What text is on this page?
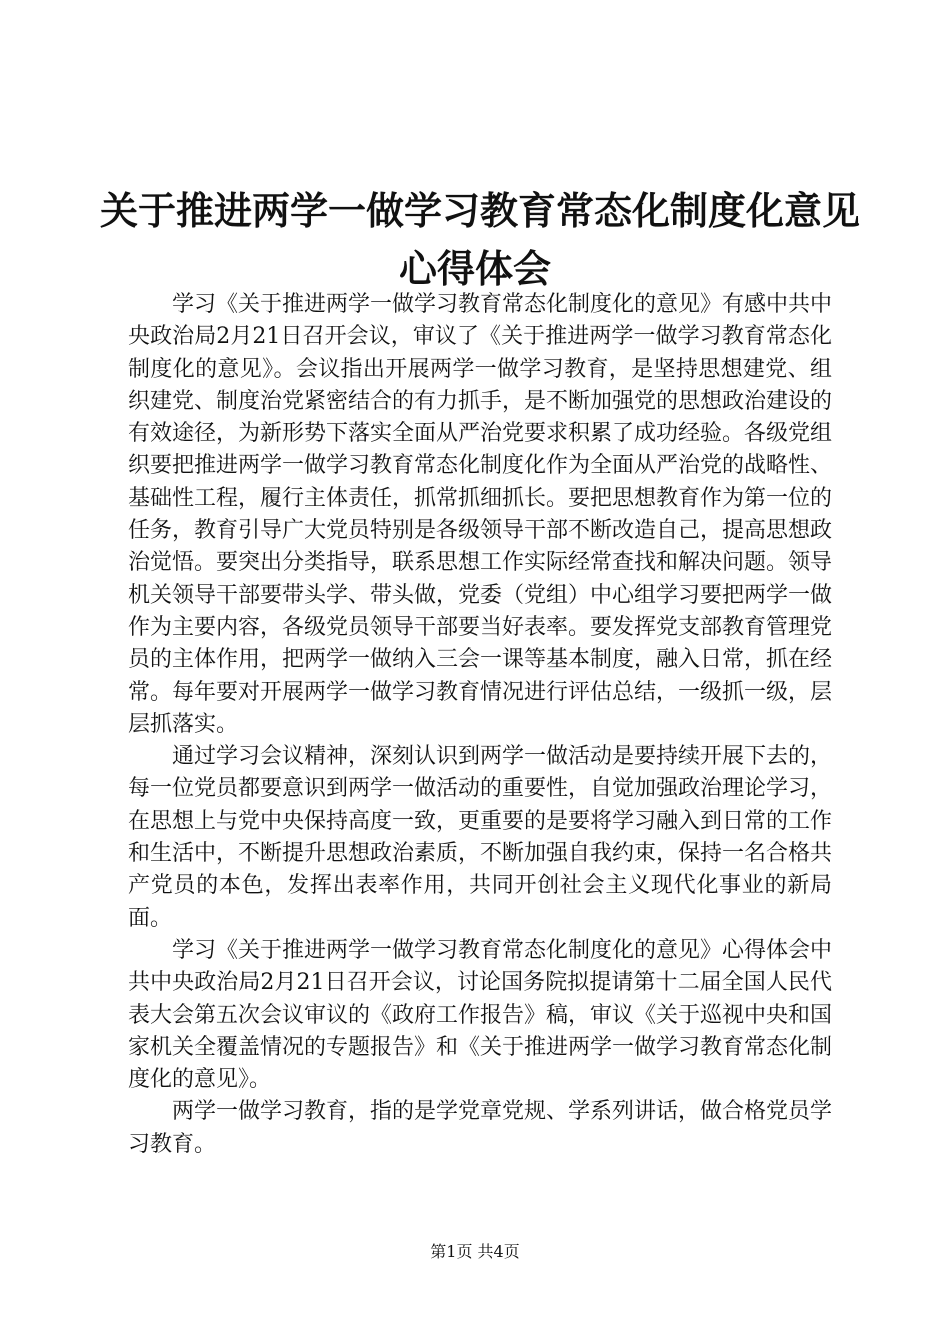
关于推进两学一做学习教育常态化制度化意见
心得体会

学习《关于推进两学一做学习教育常态化制度化的意见》有感中共中央政治局2月21日召开会议，审议了《关于推进两学一做学习教育常态化制度化的意见》。会议指出开展两学一做学习教育，是坚持思想建党、组织建党、制度治党紧密结合的有力抓手，是不断加强党的思想政治建设的有效途径，为新形势下落实全面从严治党要求积累了成功经验。各级党组织要把推进两学一做学习教育常态化制度化作为全面从严治党的战略性、基础性工程，履行主体责任，抓常抓细抓长。要把思想教育作为第一位的任务，教育引导广大党员特别是各级领导干部不断改造自己，提高思想政治觉悟。要突出分类指导，联系思想工作实际经常查找和解决问题。领导机关领导干部要带头学、带头做，党委（党组）中心组学习要把两学一做作为主要内容，各级党员领导干部要当好表率。要发挥党支部教育管理党员的主体作用，把两学一做纳入三会一课等基本制度，融入日常，抓在经常。每年要对开展两学一做学习教育情况进行评估总结，一级抓一级，层层抓落实。

通过学习会议精神，深刻认识到两学一做活动是要持续开展下去的，每一位党员都要意识到两学一做活动的重要性，自觉加强政治理论学习，在思想上与党中央保持高度一致，更重要的是要将学习融入到日常的工作和生活中，不断提升思想政治素质，不断加强自我约束，保持一名合格共产党员的本色，发挥出表率作用，共同开创社会主义现代化事业的新局面。

学习《关于推进两学一做学习教育常态化制度化的意见》心得体会中共中央政治局2月21日召开会议，讨论国务院拟提请第十二届全国人民代表大会第五次会议审议的《政府工作报告》稿，审议《关于巡视中央和国家机关全覆盖情况的专题报告》和《关于推进两学一做学习教育常态化制度化的意见》。

两学一做学习教育，指的是学党章党规、学系列讲话，做合格党员学习教育。

第1页 共4页
